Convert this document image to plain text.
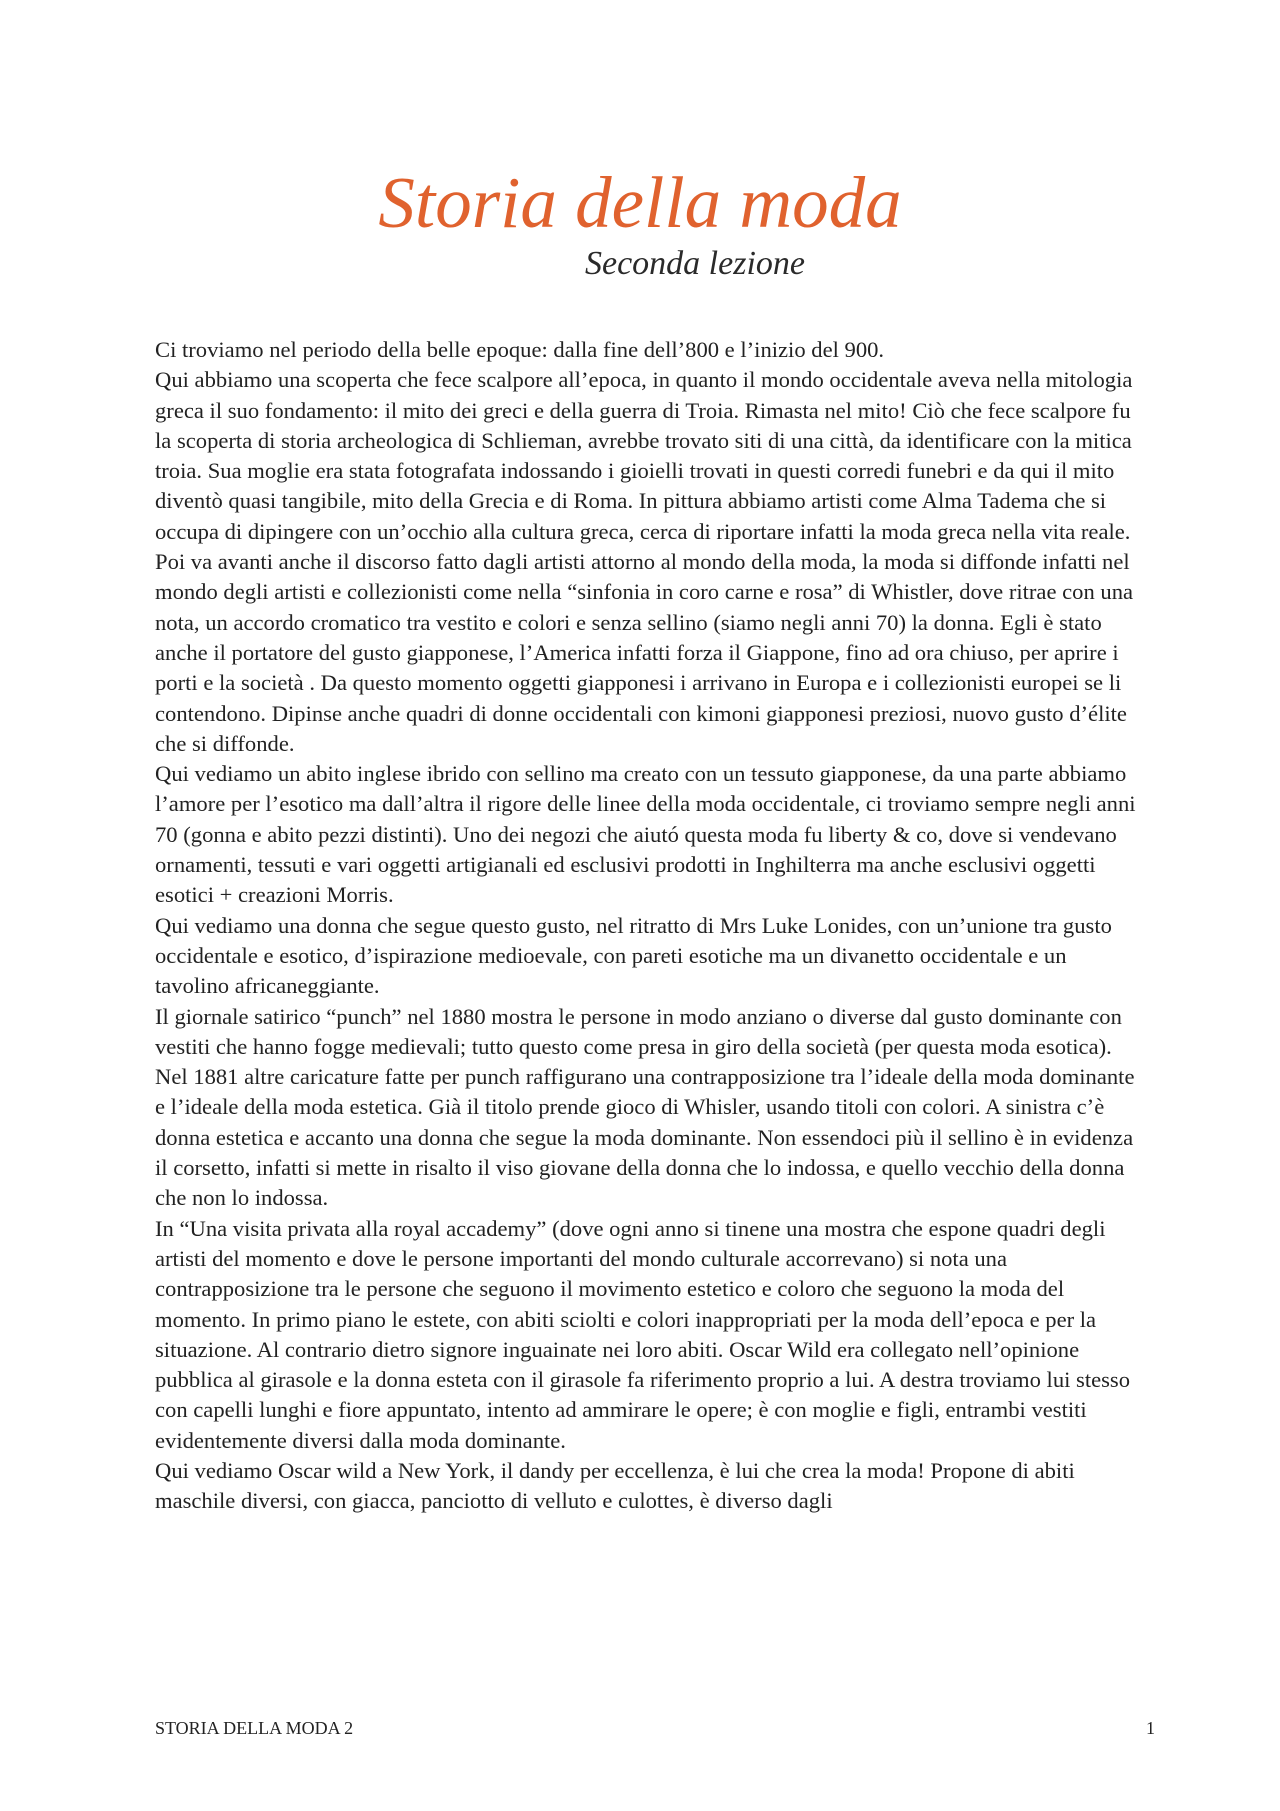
Storia della moda
Seconda lezione

Ci troviamo nel periodo della belle epoque: dalla fine dell’800 e l’inizio del 900.

Qui abbiamo una scoperta che fece scalpore all’epoca, in quanto il mondo occidentale aveva nella mitologia greca il suo fondamento: il mito dei greci e della guerra di Troia. Rimasta nel mito! Ciò che fece scalpore fu la scoperta di storia archeologica di Schlieman, avrebbe trovato siti di una città, da identificare con la mitica troia. Sua moglie era stata fotografata indossando i gioielli trovati in questi corredi funebri e da qui il mito diventò quasi tangibile, mito della Grecia e di Roma. In pittura abbiamo artisti come Alma Tadema che si occupa di dipingere con un’occhio alla cultura greca, cerca di riportare infatti la moda greca nella vita reale. Poi va avanti anche il discorso fatto dagli artisti attorno al mondo della moda, la moda si diffonde infatti nel mondo degli artisti e collezionisti come nella “sinfonia in coro carne e rosa” di Whistler, dove ritrae con una nota, un accordo cromatico tra vestito e colori e senza sellino (siamo negli anni 70) la donna. Egli è stato anche il portatore del gusto giapponese, l’America infatti forza il Giappone, fino ad ora chiuso, per aprire i porti e la società . Da questo momento oggetti giapponesi i arrivano in Europa e i collezionisti europei se li contendono. Dipinse anche quadri di donne occidentali con kimoni giapponesi preziosi, nuovo gusto d’élite che si diffonde.

Qui vediamo un abito inglese ibrido con sellino ma creato con un tessuto giapponese, da una parte abbiamo l’amore per l’esotico ma dall’altra il rigore delle linee della moda occidentale, ci troviamo sempre negli anni 70 (gonna e abito pezzi distinti). Uno dei negozi che aiutó questa moda fu liberty & co, dove si vendevano ornamenti, tessuti e vari oggetti artigianali ed esclusivi prodotti in Inghilterra ma anche esclusivi oggetti esotici + creazioni Morris.

Qui vediamo una donna che segue questo gusto, nel ritratto di Mrs Luke Lonides, con un’unione tra gusto occidentale e esotico, d’ispirazione medioevale, con pareti esotiche ma un divanetto occidentale e un tavolino africaneggiante.

Il giornale satirico “punch” nel 1880 mostra le persone in modo anziano o diverse dal gusto dominante con vestiti che hanno fogge medievali; tutto questo come presa in giro della società (per questa moda esotica).

Nel 1881 altre caricature fatte per punch raffigurano una contrapposizione tra l’ideale della moda dominante e l’ideale della moda estetica. Già il titolo prende gioco di Whisler, usando titoli con colori. A sinistra c’è donna estetica e accanto una donna che segue la moda dominante. Non essendoci più il sellino è in evidenza il corsetto, infatti si mette in risalto il viso giovane della donna che lo indossa, e quello vecchio della donna che non lo indossa.

In “Una visita privata alla royal accademy” (dove ogni anno si tinene una mostra che espone quadri degli artisti del momento e dove le persone importanti del mondo culturale accorrevano) si nota una contrapposizione tra le persone che seguono il movimento estetico e coloro che seguono la moda del momento. In primo piano le estete, con abiti sciolti e colori inappropriati per la moda dell’epoca e per la situazione. Al contrario dietro signore inguainate nei loro abiti. Oscar Wild era collegato nell’opinione pubblica al girasole e la donna esteta con il girasole fa riferimento proprio a lui. A destra troviamo lui stesso con capelli lunghi e fiore appuntato, intento ad ammirare le opere; è con moglie e figli, entrambi vestiti evidentemente diversi dalla moda dominante.

Qui vediamo Oscar wild a New York, il dandy per eccellenza, è lui che crea la moda! Propone di abiti maschile diversi, con giacca, panciotto di velluto e culottes, è diverso dagli

STORIA DELLA MODA 2	1
